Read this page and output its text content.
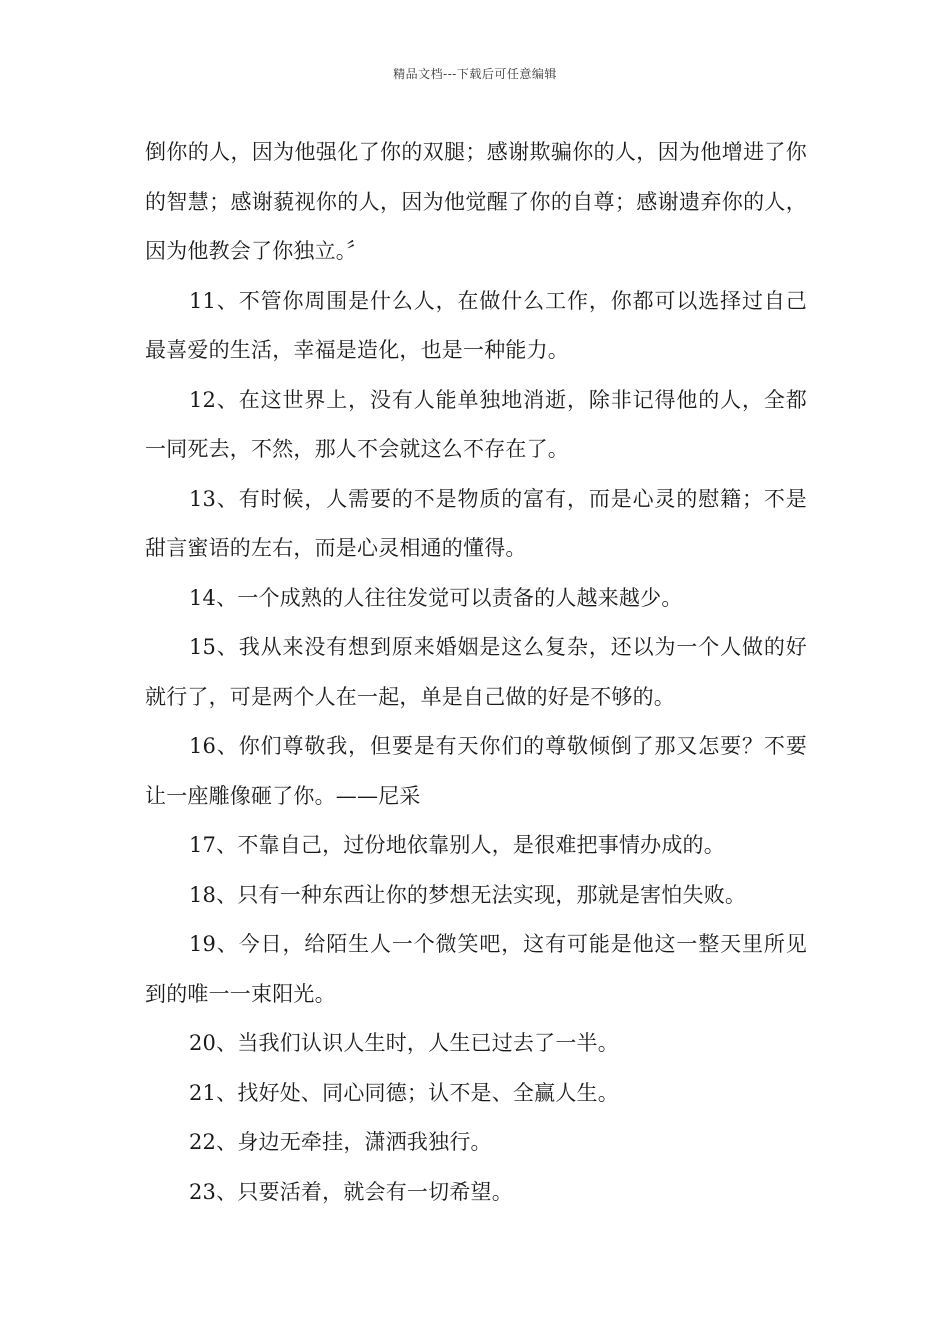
精品文档---下载后可任意编辑

倒你的人，因为他强化了你的双腿；感谢欺骗你的人，因为他增进了你的智慧；感谢藐视你的人，因为他觉醒了你的自尊；感谢遗弃你的人，因为他教会了你独立。〞

11、不管你周围是什么人，在做什么工作，你都可以选择过自己最喜爱的生活，幸福是造化，也是一种能力。

12、在这世界上，没有人能单独地消逝，除非记得他的人，全都一同死去，不然，那人不会就这么不存在了。

13、有时候，人需要的不是物质的富有，而是心灵的慰籍；不是甜言蜜语的左右，而是心灵相通的懂得。

14、一个成熟的人往往发觉可以责备的人越来越少。

15、我从来没有想到原来婚姻是这么复杂，还以为一个人做的好就行了，可是两个人在一起，单是自己做的好是不够的。

16、你们尊敬我，但要是有天你们的尊敬倾倒了那又怎要？不要让一座雕像砸了你。——尼采

17、不靠自己，过份地依靠别人，是很难把事情办成的。

18、只有一种东西让你的梦想无法实现，那就是害怕失败。

19、今日，给陌生人一个微笑吧，这有可能是他这一整天里所见到的唯一一束阳光。

20、当我们认识人生时，人生已过去了一半。

21、找好处、同心同德；认不是、全赢人生。

22、身边无牵挂，潇洒我独行。

23、只要活着，就会有一切希望。
